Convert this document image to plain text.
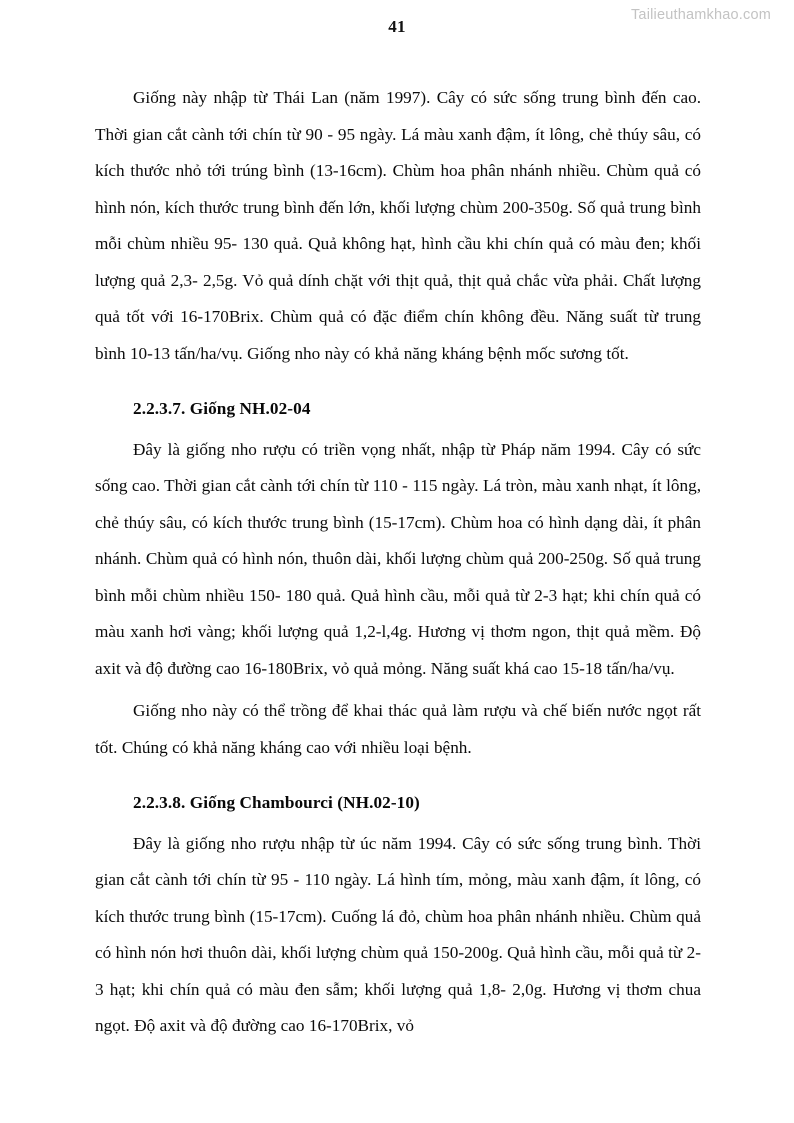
Tailieuthamkhao.com
41

Giống này nhập từ Thái Lan (năm 1997). Cây có sức sống trung bình đến cao. Thời gian cắt cành tới chín từ 90 - 95 ngày. Lá màu xanh đậm, ít lông, chẻ thúy sâu, có kích thước nhỏ tới trúng bình (13-16cm). Chùm hoa phân nhánh nhiều. Chùm quả có hình nón, kích thước trung bình đến lớn, khối lượng chùm 200-350g. Số quả trung bình mỗi chùm nhiều 95- 130 quả. Quả không hạt, hình cầu khi chín quả có màu đen; khối lượng quả 2,3- 2,5g. Vỏ quả dính chặt với thịt quả, thịt quả chắc vừa phải. Chất lượng quả tốt với 16-170Brix. Chùm quả có đặc điểm chín không đều. Năng suất từ trung bình 10-13 tấn/ha/vụ. Giống nho này có khả năng kháng bệnh mốc sương tốt.

2.2.3.7. Giống NH.02-04

Đây là giống nho rượu có triền vọng nhất, nhập từ Pháp năm 1994. Cây có sức sống cao. Thời gian cắt cành tới chín từ 110 - 115 ngày. Lá tròn, màu xanh nhạt, ít lông, chẻ thúy sâu, có kích thước trung bình (15-17cm). Chùm hoa có hình dạng dài, ít phân nhánh. Chùm quả có hình nón, thuôn dài, khối lượng chùm quả 200-250g. Số quả trung bình mỗi chùm nhiều 150- 180 quả. Quả hình cầu, mỗi quả từ 2-3 hạt; khi chín quả có màu xanh hơi vàng; khối lượng quả 1,2-l,4g. Hương vị thơm ngon, thịt quả mềm. Độ axit và độ đường cao 16-180Brix, vỏ quả mỏng. Năng suất khá cao 15-18 tấn/ha/vụ.

Giống nho này có thể trồng để khai thác quả làm rượu và chế biến nước ngọt rất tốt. Chúng có khả năng kháng cao với nhiều loại bệnh.

2.2.3.8. Giống Chambourci (NH.02-10)

Đây là giống nho rượu nhập từ úc năm 1994. Cây có sức sống trung bình. Thời gian cắt cành tới chín từ 95 - 110 ngày. Lá hình tím, mỏng, màu xanh đậm, ít lông, có kích thước trung bình (15-17cm). Cuống lá đỏ, chùm hoa phân nhánh nhiều. Chùm quả có hình nón hơi thuôn dài, khối lượng chùm quả 150-200g. Quả hình cầu, mỗi quả từ 2-3 hạt; khi chín quả có màu đen sẫm; khối lượng quả 1,8- 2,0g. Hương vị thơm chua ngọt. Độ axit và độ đường cao 16-170Brix, vỏ
